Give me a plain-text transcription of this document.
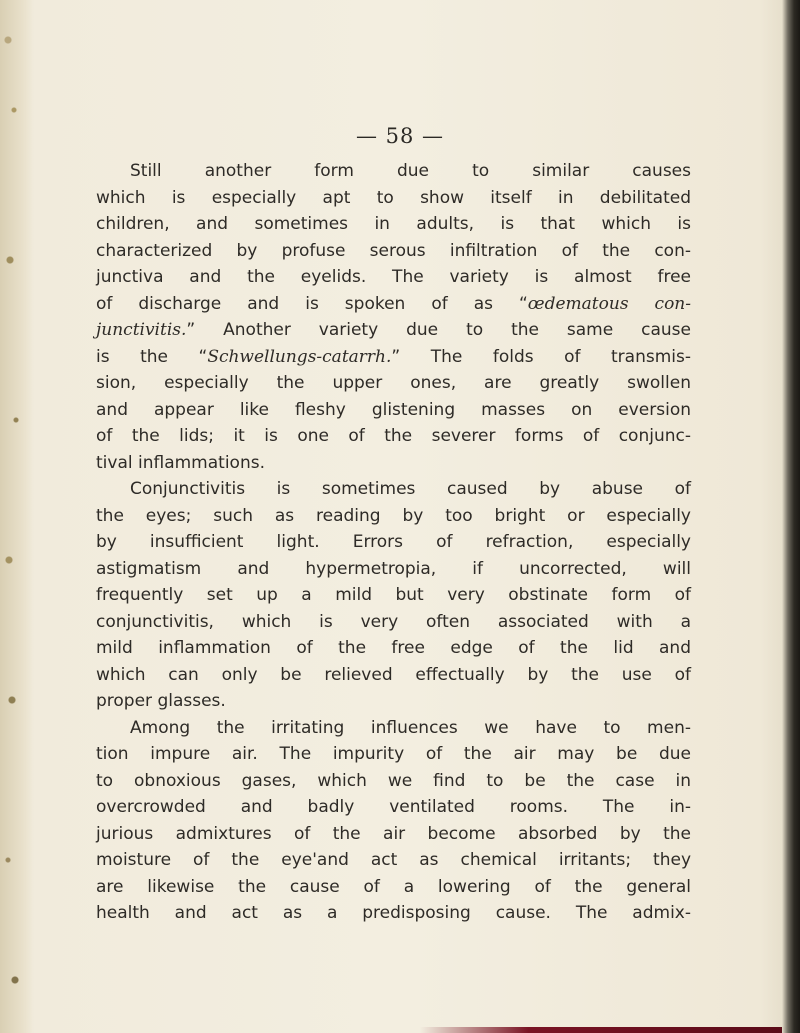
— 58 —
Still another form due to similar causes
which is especially apt to show itself in debilitated
children, and sometimes in adults, is that which is
characterized by profuse serous infiltration of the con-
junctiva and the eyelids. The variety is almost free
of discharge and is spoken of as “œdematous con-
junctivitis.” Another variety due to the same cause
is the “Schwellungs-catarrh.” The folds of transmis-
sion, especially the upper ones, are greatly swollen
and appear like fleshy glistening masses on eversion
of the lids; it is one of the severer forms of conjunc-
tival inflammations.
Conjunctivitis is sometimes caused by abuse of
the eyes; such as reading by too bright or especially
by insufficient light. Errors of refraction, especially
astigmatism and hypermetropia, if uncorrected, will
frequently set up a mild but very obstinate form of
conjunctivitis, which is very often associated with a
mild inflammation of the free edge of the lid and
which can only be relieved effectually by the use of
proper glasses.
Among the irritating influences we have to men-
tion impure air. The impurity of the air may be due
to obnoxious gases, which we find to be the case in
overcrowded and badly ventilated rooms. The in-
jurious admixtures of the air become absorbed by the
moisture of the eye'and act as chemical irritants; they
are likewise the cause of a lowering of the general
health and act as a predisposing cause. The admix-
